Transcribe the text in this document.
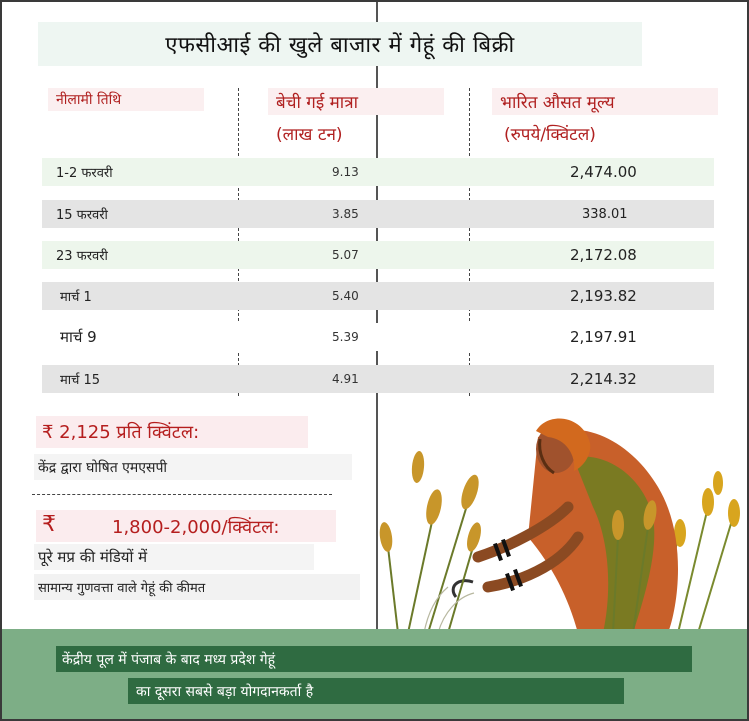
एफसीआई की खुले बाजार में गेहूं की बिक्री
नीलामी तिथि	बेची गई मात्रा
(लाख टन)
भारित औसत मूल्य
(रुपये/क्विंटल)
1-2 फरवरी	9.13	2,474.00
15 फरवरी	3.85	338.01
23 फरवरी	5.07	2,172.08
मार्च 1	5.40	2,193.82
मार्च 9	5.39	2,197.91
मार्च 15	4.91	2,214.32
₹ 2,125 प्रति क्विंटल:
केंद्र द्वारा घोषित एमएसपी
₹	1,800-2,000/क्विंटल:
पूरे मप्र की मंडियों में
सामान्य गुणवत्ता वाले गेहूं की कीमत
केंद्रीय पूल में पंजाब के बाद मध्य प्रदेश गेहूं
का दूसरा सबसे बड़ा योगदानकर्ता है
